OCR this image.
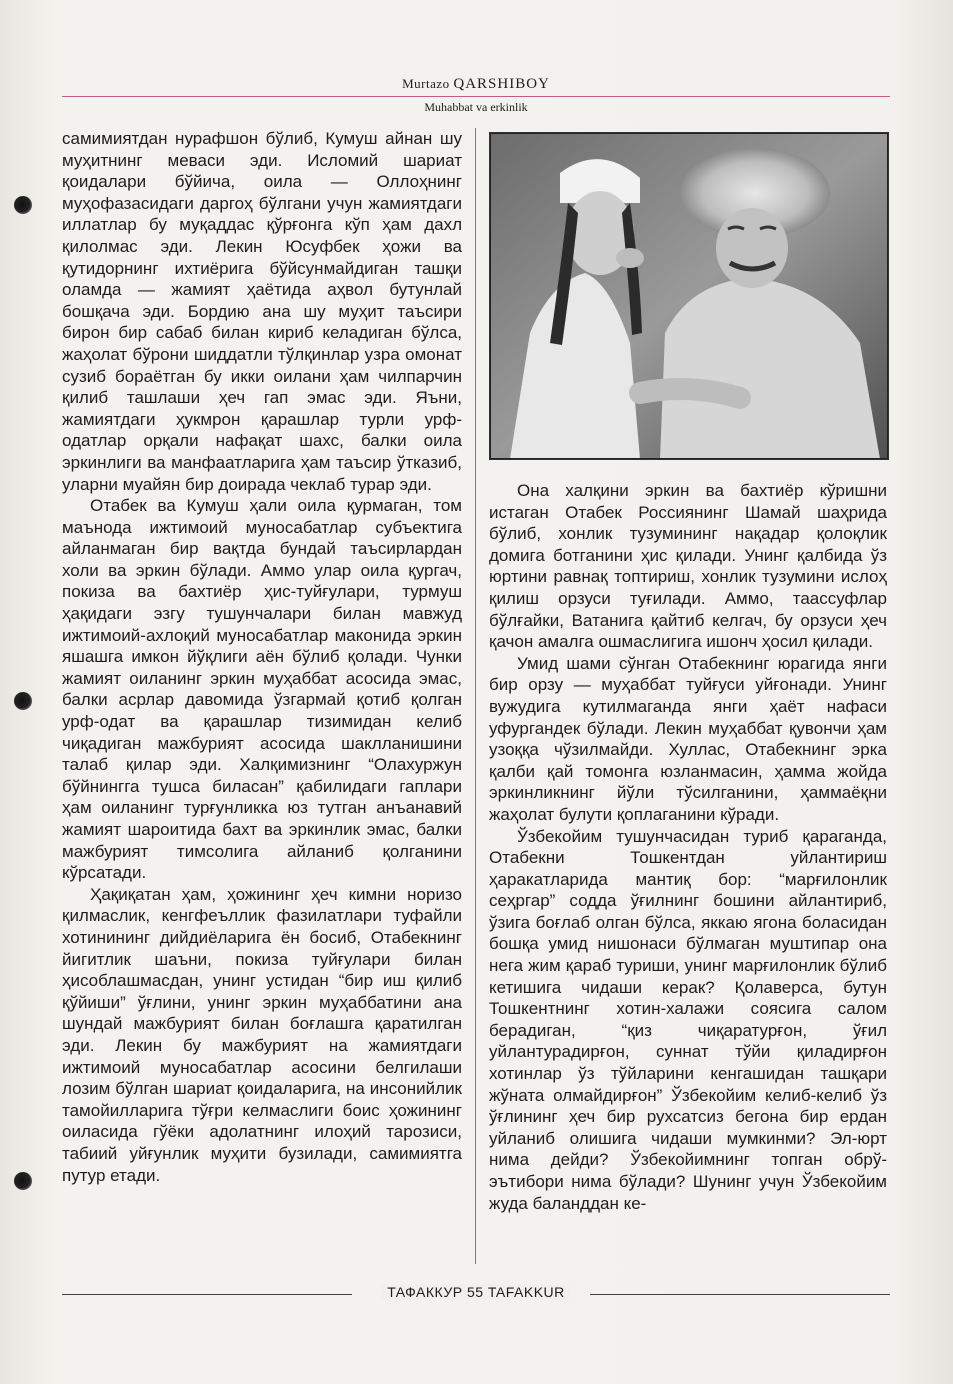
Murtazo QARSHIBOY
Muhabbat va erkinlik

самимиятдан нурафшон бўлиб, Кумуш айнан шу муҳитнинг меваси эди. Исломий шариат қоидалари бўйича, оила — Оллоҳнинг муҳофазасидаги даргоҳ бўлгани учун жамиятдаги иллатлар бу муқаддас қўрғонга кўп ҳам дахл қилолмас эди. Лекин Юсуфбек ҳожи ва қутидорнинг ихтиёрига бўйсунмайдиган ташқи оламда — жамият ҳаётида аҳвол бутунлай бошқача эди. Бордию ана шу муҳит таъсири бирон бир сабаб билан кириб келадиган бўлса, жаҳолат бўрони шиддатли тўлқинлар узра омонат сузиб бораётган бу икки оилани ҳам чилпарчин қилиб ташлаши ҳеч гап эмас эди. Яъни, жамиятдаги ҳукмрон қарашлар турли урф-одатлар орқали нафақат шахс, балки оила эркинлиги ва манфаатларига ҳам таъсир ўтказиб, уларни муайян бир доирада чеклаб турар эди.

Отабек ва Кумуш ҳали оила қурмаган, том маънода ижтимоий муносабатлар субъектига айланмаган бир вақтда бундай таъсирлардан холи ва эркин бўлади. Аммо улар оила қургач, покиза ва бахтиёр ҳис-туйғулари, турмуш ҳақидаги эзгу тушунчалари билан мавжуд ижтимоий-ахлоқий муносабатлар маконида эркин яшашга имкон йўқлиги аён бўлиб қолади. Чунки жамият оиланинг эркин муҳаббат асосида эмас, балки асрлар давомида ўзгармай қотиб қолган урф-одат ва қарашлар тизимидан келиб чиқадиган мажбурият асосида шаклланишини талаб қилар эди. Халқимизнинг “Олахуржун бўйнингга тушса биласан” қабилидаги гаплари ҳам оиланинг турғунликка юз тутган анъанавий жамият шароитида бахт ва эркинлик эмас, балки мажбурият тимсолига айланиб қолганини кўрсатади.

Ҳақиқатан ҳам, ҳожининг ҳеч кимни норизо қилмаслик, кенгфеъллик фазилатлари туфайли хотинининг дийдиёларига ён босиб, Отабекнинг йигитлик шаъни, покиза туйғулари билан ҳисоблашмасдан, унинг устидан “бир иш қилиб қўйиши” ўғлини, унинг эркин муҳаббатини ана шундай мажбурият билан боғлашга қаратилган эди. Лекин бу мажбурият на жамиятдаги ижтимоий муносабатлар асосини белгилаши лозим бўлган шариат қоидаларига, на инсонийлик тамойилларига тўғри келмаслиги боис ҳожининг оиласида гўёки адолатнинг илоҳий тарозиси, табиий уйғунлик муҳити бузилади, самимиятга путур етади.

Она халқини эркин ва бахтиёр кўришни истаган Отабек Россиянинг Шамай шаҳрида бўлиб, хонлик тузумининг нақадар қолоқлик домига ботганини ҳис қилади. Унинг қалбида ўз юртини равнақ топтириш, хонлик тузумини ислоҳ қилиш орзуси туғилади. Аммо, таассуфлар бўлғайки, Ватанига қайтиб келгач, бу орзуси ҳеч қачон амалга ошмаслигига ишонч ҳосил қилади.

Умид шами сўнган Отабекнинг юрагида янги бир орзу — муҳаббат туйғуси уйғонади. Унинг вужудига кутилмаганда янги ҳаёт нафаси уфургандек бўлади. Лекин муҳаббат қувончи ҳам узоққа чўзилмайди. Хуллас, Отабекнинг эрка қалби қай томонга юзланмасин, ҳамма жойда эркинликнинг йўли тўсилганини, ҳаммаёқни жаҳолат булути қоплаганини кўради.

Ўзбекойим тушунчасидан туриб қараганда, Отабекни Тошкентдан уйлантириш ҳаракатларида мантиқ бор: “марғилонлик сеҳргар” содда ўғилнинг бошини айлантириб, ўзига боғлаб олган бўлса, яккаю ягона боласидан бошқа умид нишонаси бўлмаган муштипар она нега жим қараб туриши, унинг марғилонлик бўлиб кетишига чидаши керак? Қолаверса, бутун Тошкентнинг хотин-халажи соясига салом берадиган, “қиз чиқаратурғон, ўғил уйлантурадирғон, суннат тўйи қиладирғон хотинлар ўз тўйларини кенгашидан ташқари жўната олмайдирғон” Ўзбекойим келиб-келиб ўз ўғлининг ҳеч бир рухсатсиз бегона бир ердан уйланиб олишига чидаши мумкинми? Эл-юрт нима дейди? Ўзбекойимнинг топган обрў-эътибори нима бўлади? Шунинг учун Ўзбекойим жуда баланддан ке-

ТАФАККУР 55 TAFAKKUR
